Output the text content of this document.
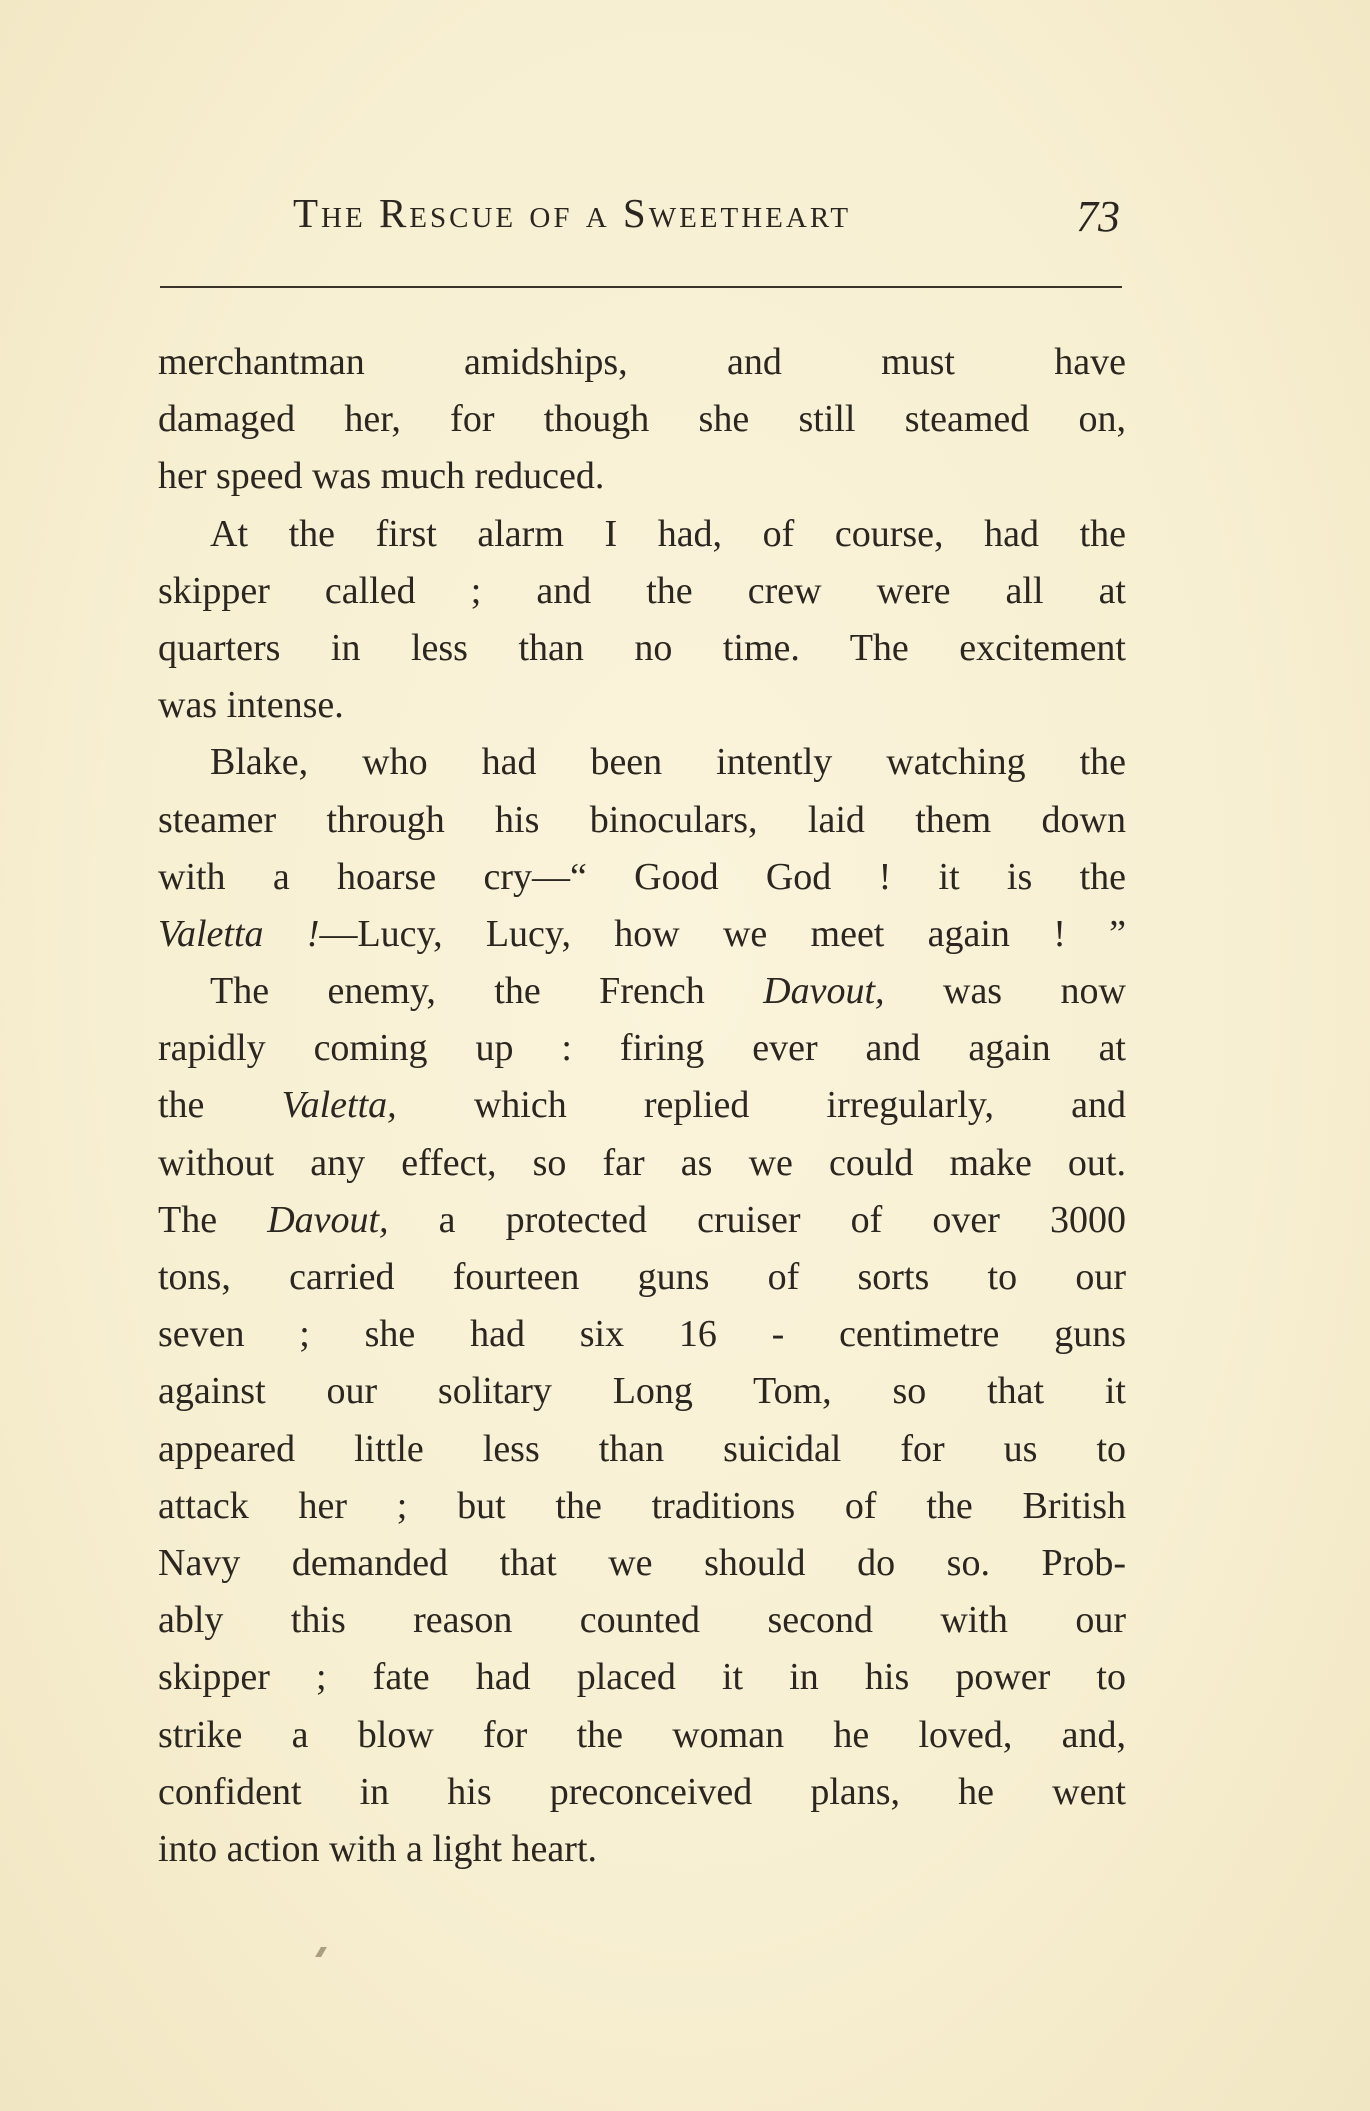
The Rescue of a Sweetheart	73
merchantman amidships, and must have
damaged her, for though she still steamed on,
her speed was much reduced.
At the first alarm I had, of course, had the
skipper called ; and the crew were all at
quarters in less than no time. The excitement
was intense.
Blake, who had been intently watching the
steamer through his binoculars, laid them down
with a hoarse cry—“ Good God ! it is the
Valetta !—Lucy, Lucy, how we meet again ! ”
The enemy, the French Davout, was now
rapidly coming up : firing ever and again at
the Valetta, which replied irregularly, and
without any effect, so far as we could make out.
The Davout, a protected cruiser of over 3000
tons, carried fourteen guns of sorts to our
seven ; she had six 16 - centimetre guns
against our solitary Long Tom, so that it
appeared little less than suicidal for us to
attack her ; but the traditions of the British
Navy demanded that we should do so. Prob-
ably this reason counted second with our
skipper ; fate had placed it in his power to
strike a blow for the woman he loved, and,
confident in his preconceived plans, he went
into action with a light heart.
